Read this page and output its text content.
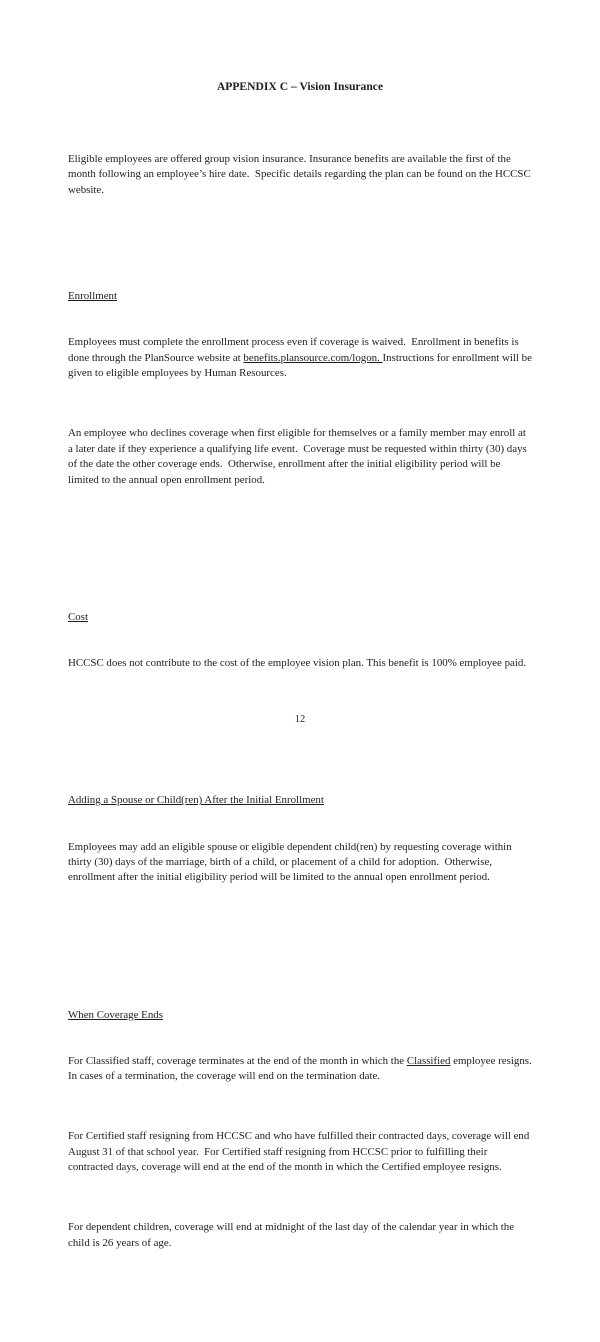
APPENDIX C – Vision Insurance

Eligible employees are offered group vision insurance. Insurance benefits are available the first of the month following an employee’s hire date.  Specific details regarding the plan can be found on the HCCSC website.

Enrollment

Employees must complete the enrollment process even if coverage is waived.  Enrollment in benefits is done through the PlanSource website at benefits.plansource.com/logon. Instructions for enrollment will be given to eligible employees by Human Resources.

An employee who declines coverage when first eligible for themselves or a family member may enroll at a later date if they experience a qualifying life event.  Coverage must be requested within thirty (30) days of the date the other coverage ends.  Otherwise, enrollment after the initial eligibility period will be limited to the annual open enrollment period.

Cost

HCCSC does not contribute to the cost of the employee vision plan. This benefit is 100% employee paid.

Adding a Spouse or Child(ren) After the Initial Enrollment

Employees may add an eligible spouse or eligible dependent child(ren) by requesting coverage within thirty (30) days of the marriage, birth of a child, or placement of a child for adoption.  Otherwise, enrollment after the initial eligibility period will be limited to the annual open enrollment period.

When Coverage Ends

For Classified staff, coverage terminates at the end of the month in which the Classified employee resigns.  In cases of a termination, the coverage will end on the termination date.

For Certified staff resigning from HCCSC and who have fulfilled their contracted days, coverage will end August 31 of that school year.  For Certified staff resigning from HCCSC prior to fulfilling their contracted days, coverage will end at the end of the month in which the Certified employee resigns.

For dependent children, coverage will end at midnight of the last day of the calendar year in which the child is 26 years of age.

12
